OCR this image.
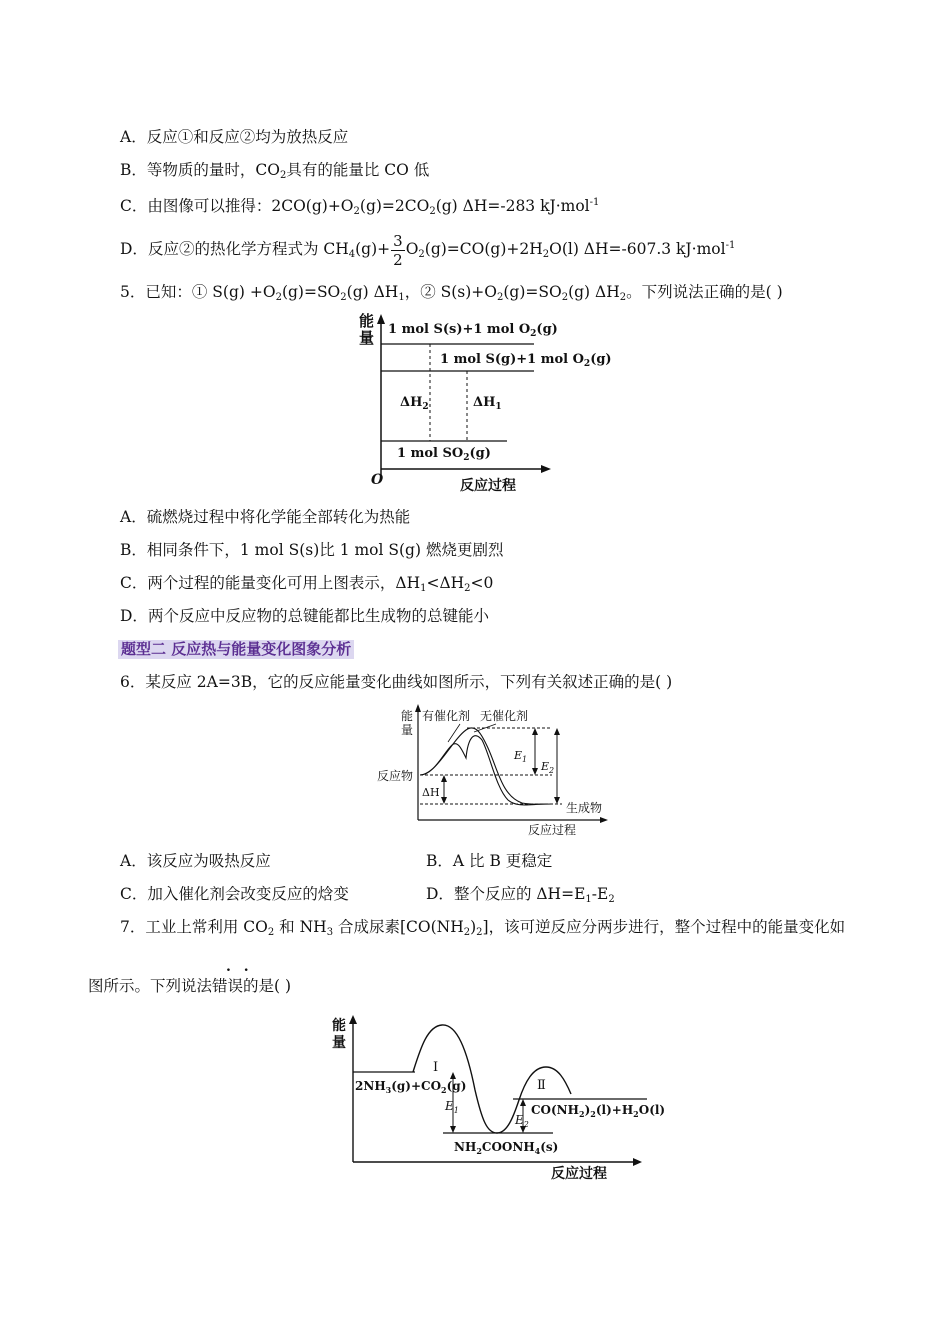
A．反应①和反应②均为放热反应
B．等物质的量时，$CO_2$具有的能量比 CO 低
C．由图像可以推得：$2CO(g)+O_2(g)=2CO_2(g)$ ΔH=-283 kJ·mol$^{-1}$
D．反应②的热化学方程式为 $CH_4(g)+ \frac{3}{2} O_2(g)=CO(g)+2H_2O(l)$ ΔH=-607.3 kJ·mol$^{-1}$
5．已知：① $S(g) +O_2(g)=SO_2(g)$ $\Delta H_1$，② $S(s)+O_2(g)=SO_2(g)$ $\Delta H_2$。下列说法正确的是( )
能
量 1 mol S(s)+1 mol $O_2(g)$
1 mol S(g)+1 mol $O_2(g)$
$\Delta H_2$	$\Delta H_1$
1 mol $SO_2(g)$
O	反应过程
A．硫燃烧过程中将化学能全部转化为热能
B．相同条件下，1 mol S(s)比 1 mol S(g) 燃烧更剧烈
C．两个过程的能量变化可用上图表示，$\Delta H_1<\Delta H_2<0$
D．两个反应中反应物的总键能都比生成物的总键能小
题型二 反应热与能量变化图象分析
6．某反应 2A=3B，它的反应能量变化曲线如图所示，下列有关叙述正确的是( )
能
量
有催化剂 无催化剂
$E_1$
$E_2$
反应物
ΔH
生成物
反应过程
A．该反应为吸热反应	B．A 比 B 更稳定
C．加入催化剂会改变反应的焓变	D．整个反应的 $\Delta H=E_1-E_2$
7．工业上常利用 $CO_2$ 和 $NH_3$ 合成尿素$[CO(NH_2)_2]$，该可逆反应分两步进行，整个过程中的能量变化如
. .
图所示。下列说法错误的是( )
能
量
Ⅰ
Ⅱ
$2NH_3(g)+CO_2(g)$
$E_1$
$E_2$
$NH_2COONH_4(s)$
$CO(NH_2)_2(l)+H_2O(l)$
反应过程
